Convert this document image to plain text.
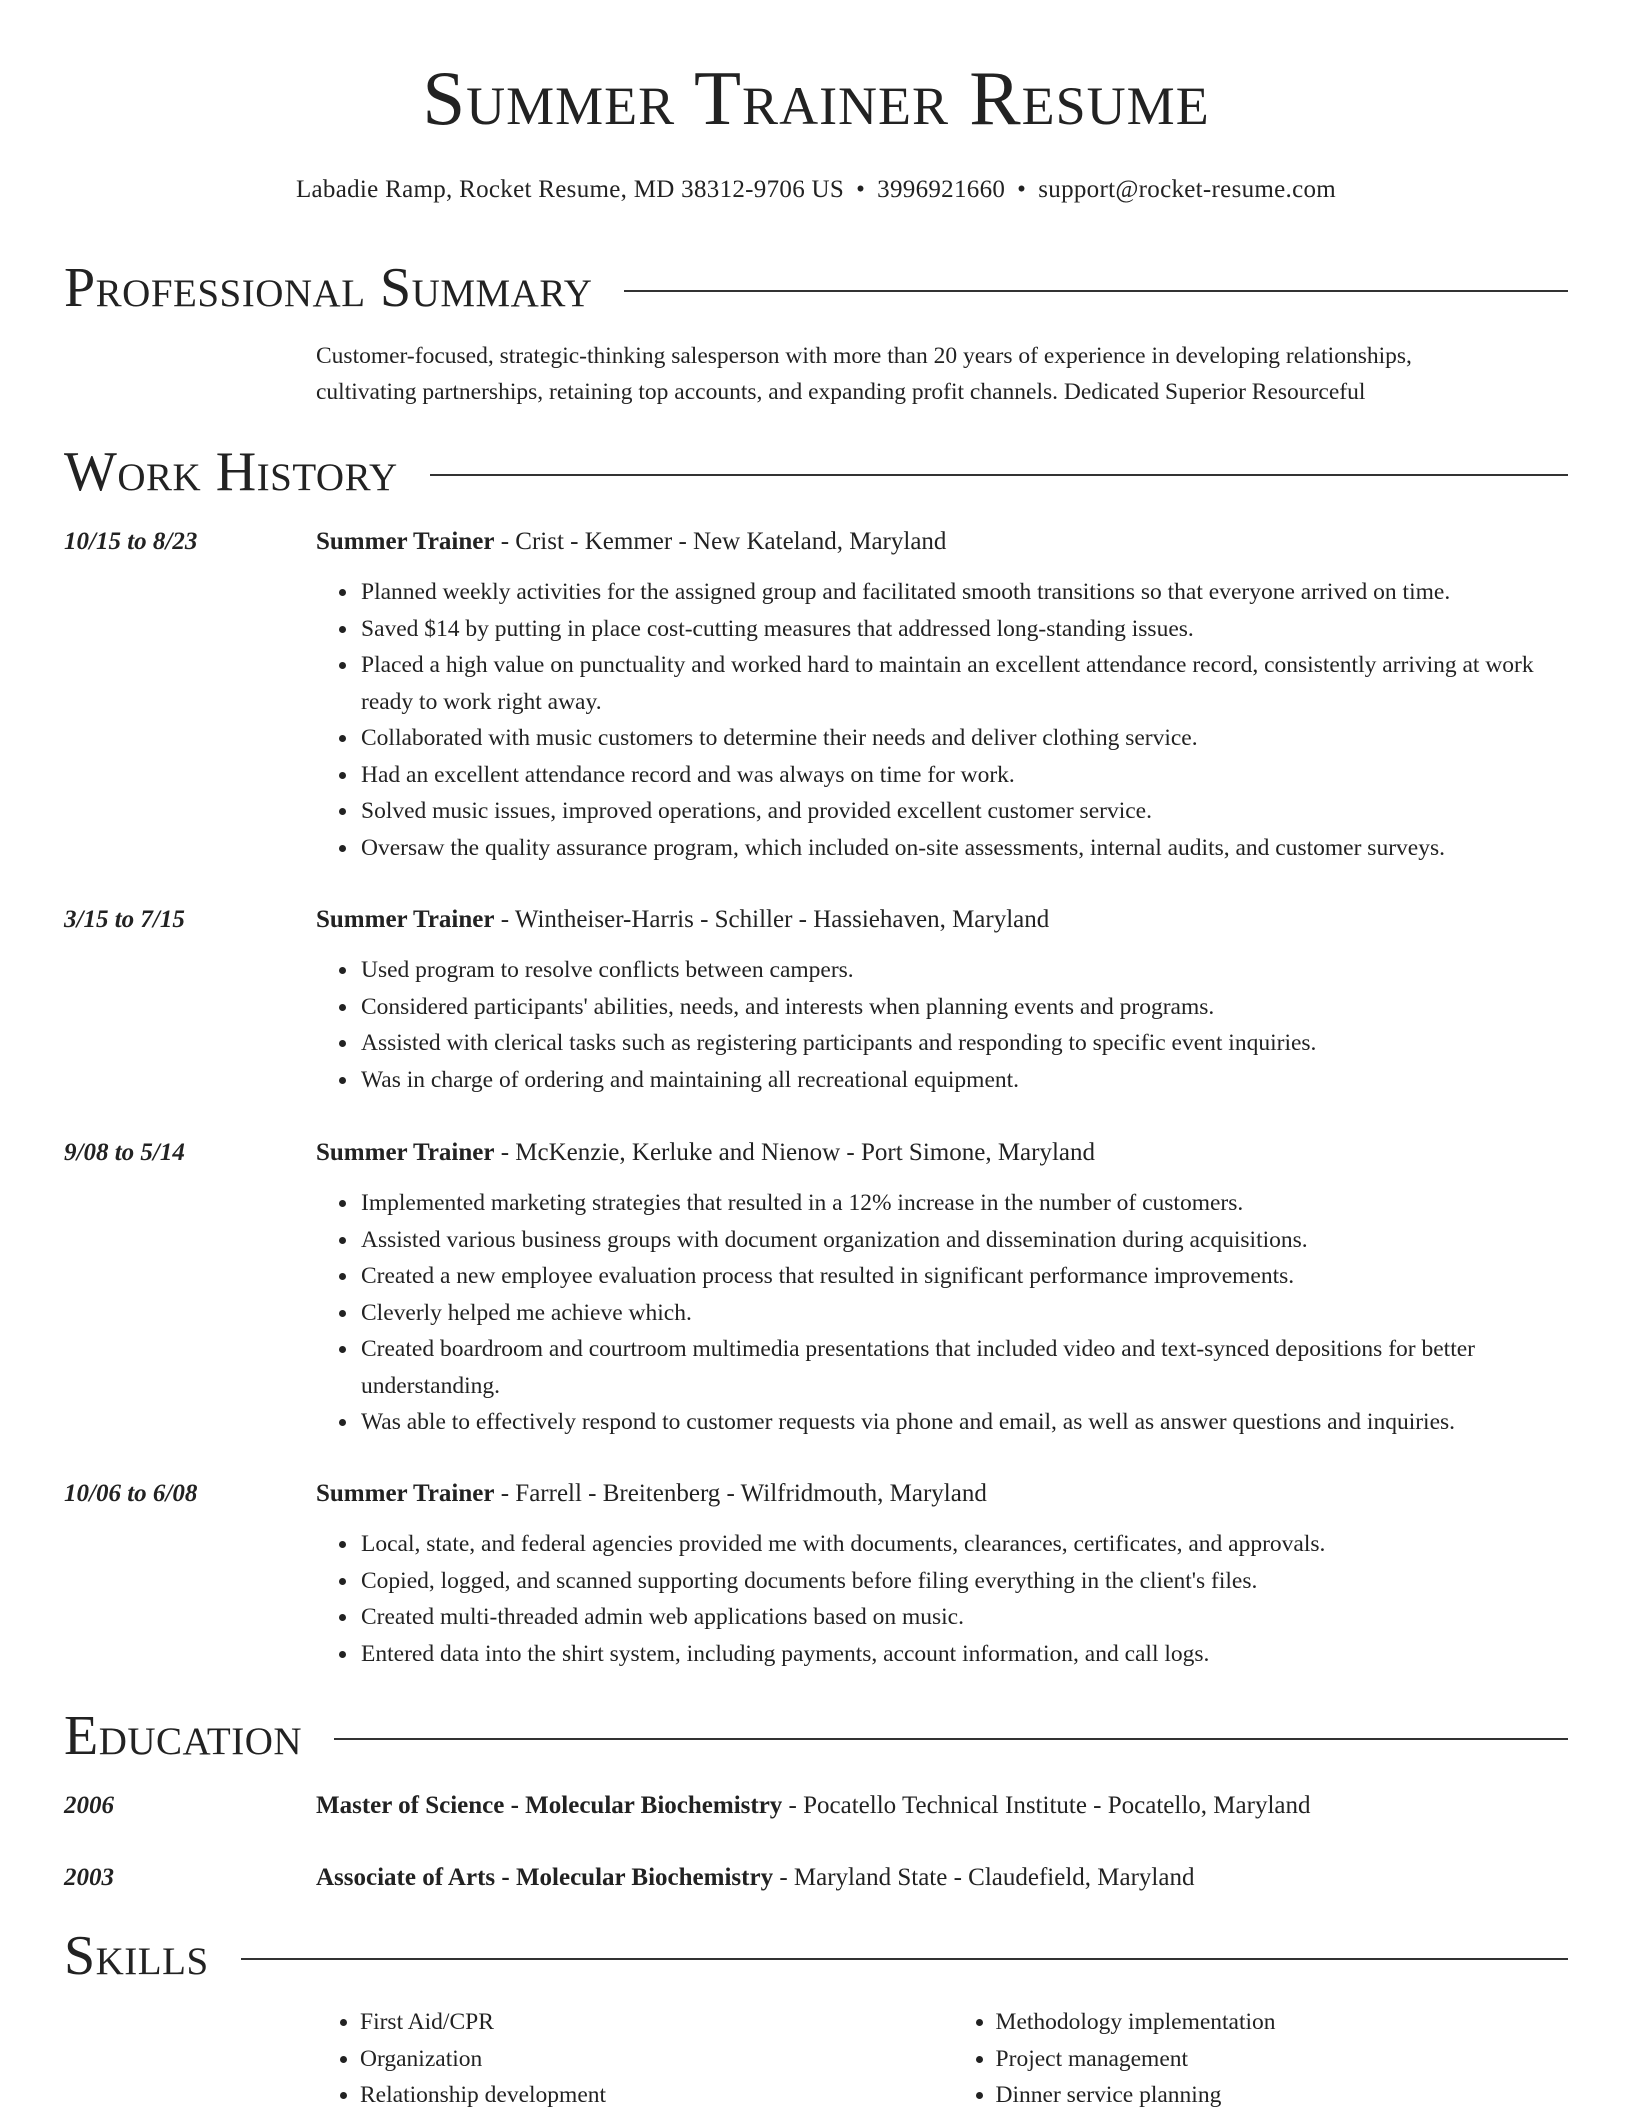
Summer Trainer Resume
Labadie Ramp, Rocket Resume, MD 38312-9706 US • 3996921660 • support@rocket-resume.com
Professional Summary
Customer-focused, strategic-thinking salesperson with more than 20 years of experience in developing relationships,
cultivating partnerships, retaining top accounts, and expanding profit channels. Dedicated Superior Resourceful
Work History
10/15 to 8/23	Summer Trainer - Crist - Kemmer - New Kateland, Maryland
• Planned weekly activities for the assigned group and facilitated smooth transitions so that everyone arrived on time.
• Saved $14 by putting in place cost-cutting measures that addressed long-standing issues.
• Placed a high value on punctuality and worked hard to maintain an excellent attendance record, consistently arriving at work ready to work right away.
• Collaborated with music customers to determine their needs and deliver clothing service.
• Had an excellent attendance record and was always on time for work.
• Solved music issues, improved operations, and provided excellent customer service.
• Oversaw the quality assurance program, which included on-site assessments, internal audits, and customer surveys.
3/15 to 7/15	Summer Trainer - Wintheiser-Harris - Schiller - Hassiehaven, Maryland
• Used program to resolve conflicts between campers.
• Considered participants' abilities, needs, and interests when planning events and programs.
• Assisted with clerical tasks such as registering participants and responding to specific event inquiries.
• Was in charge of ordering and maintaining all recreational equipment.
9/08 to 5/14	Summer Trainer - McKenzie, Kerluke and Nienow - Port Simone, Maryland
• Implemented marketing strategies that resulted in a 12% increase in the number of customers.
• Assisted various business groups with document organization and dissemination during acquisitions.
• Created a new employee evaluation process that resulted in significant performance improvements.
• Cleverly helped me achieve which.
• Created boardroom and courtroom multimedia presentations that included video and text-synced depositions for better understanding.
• Was able to effectively respond to customer requests via phone and email, as well as answer questions and inquiries.
10/06 to 6/08	Summer Trainer - Farrell - Breitenberg - Wilfridmouth, Maryland
• Local, state, and federal agencies provided me with documents, clearances, certificates, and approvals.
• Copied, logged, and scanned supporting documents before filing everything in the client's files.
• Created multi-threaded admin web applications based on music.
• Entered data into the shirt system, including payments, account information, and call logs.
Education
2006	Master of Science - Molecular Biochemistry - Pocatello Technical Institute - Pocatello, Maryland
2003	Associate of Arts - Molecular Biochemistry - Maryland State - Claudefield, Maryland
Skills
• First Aid/CPR
• Organization
• Relationship development
• Methodology implementation
• Project management
• Dinner service planning
